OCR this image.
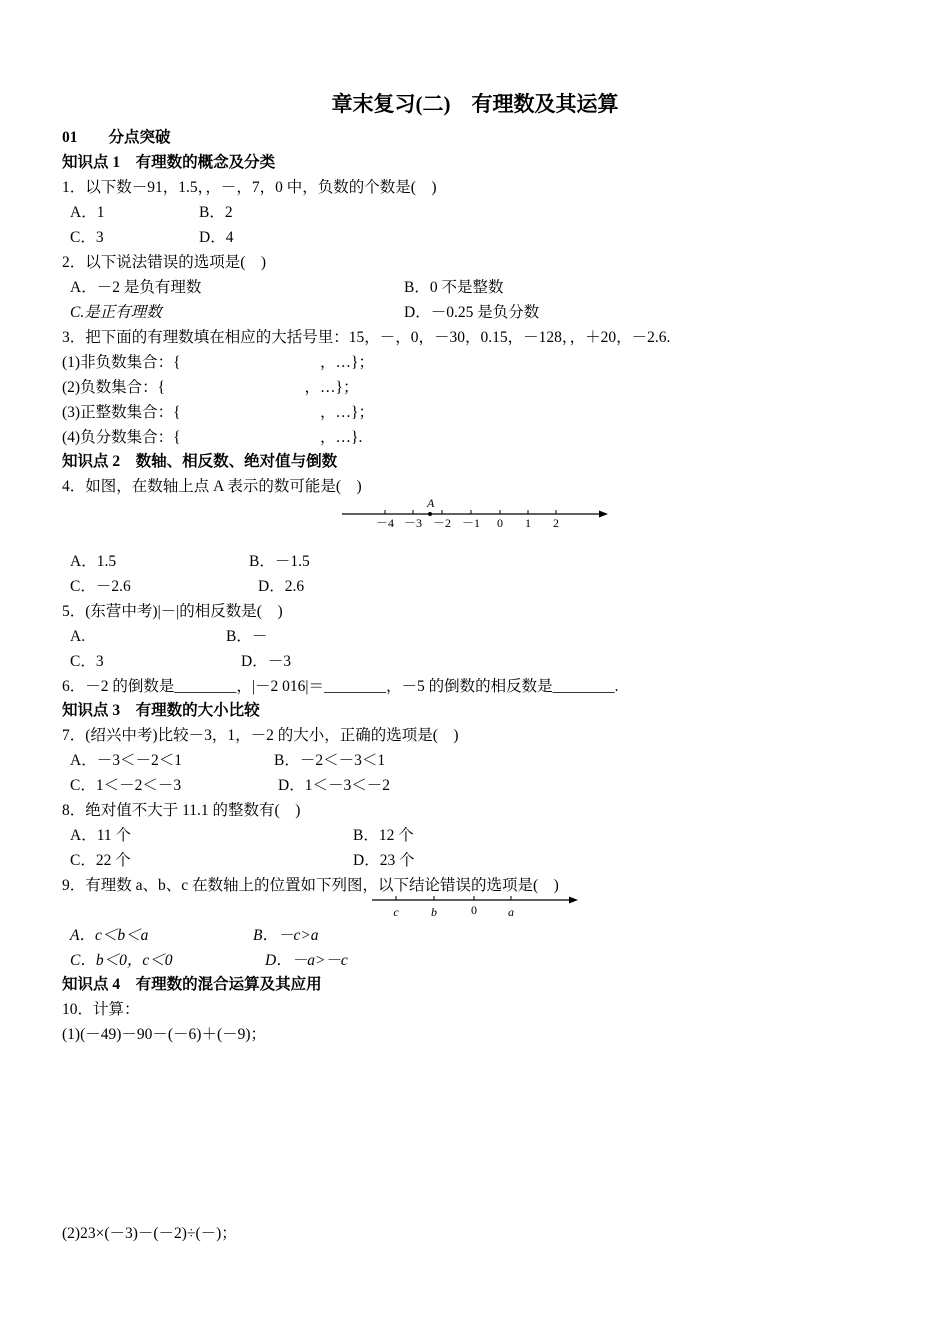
章末复习(二)　有理数及其运算
01　　分点突破
知识点 1　有理数的概念及分类
1．以下数－91，1.5，，－，7，0 中，负数的个数是(　)
A．1	B．2
C．3	D．4
2．以下说法错误的选项是(　)
A．－2 是负有理数	B．0 不是整数
C.是正有理数	D．－0.25 是负分数
3．把下面的有理数填在相应的大括号里：15，－，0，－30，0.15，－128，，＋20，－2.6.
(1)非负数集合：{　　　　　　　　　，…}；
(2)负数集合：{　　　　　　　　　，…}；
(3)正整数集合：{　　　　　　　　　，…}；
(4)负分数集合：{　　　　　　　　　，…}.
知识点 2　数轴、相反数、绝对值与倒数
4．如图，在数轴上点 A 表示的数可能是(　)
A
－4 －3 －2 －1 0 1 2
A．1.5	B．－1.5
C．－2.6	D．2.6
5．(东营中考)|－|的相反数是(　)
A.	B．－
C．3	D．－3
6．－2 的倒数是________，|－2 016|＝________，－5 的倒数的相反数是________.
知识点 3　有理数的大小比较
7．(绍兴中考)比较－3，1，－2 的大小，正确的选项是(　)
A．－3＜－2＜1	B．－2＜－3＜1
C．1＜－2＜－3	D．1＜－3＜－2
8．绝对值不大于 11.1 的整数有(　)
A．11 个	B．12 个
C．22 个	D．23 个
9．有理数 a、b、c 在数轴上的位置如下列图，以下结论错误的选项是(　)
c	b	0	a
A．c＜b＜a	B．－c>a
C．b＜0，c＜0	D．－a>－c
知识点 4　有理数的混合运算及其应用
10．计算：
(1)(－49)－90－(－6)＋(－9)；
(2)23×(－3)－(－2)÷(－)；
